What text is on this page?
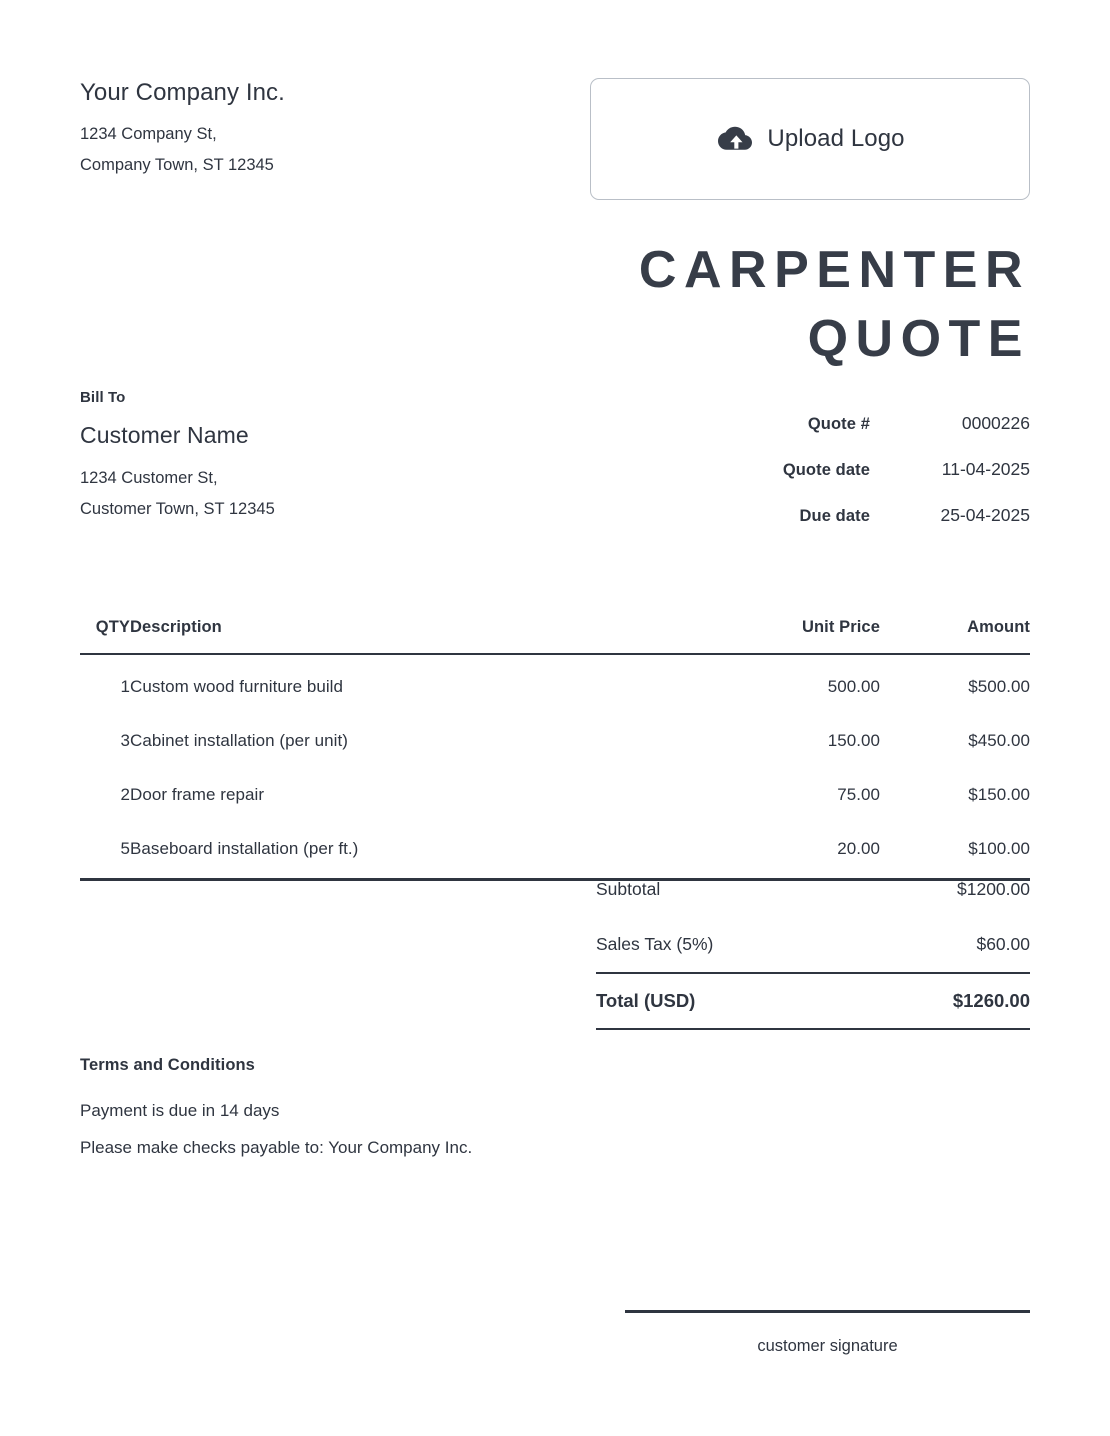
Your Company Inc.
1234 Company St,
Company Town, ST 12345
Upload Logo
CARPENTER
QUOTE
Bill To
Customer Name
1234 Customer St,
Customer Town, ST 12345
Quote #	0000226
Quote date	11-04-2025
Due date	25-04-2025
QTY	Description	Unit Price	Amount
1	Custom wood furniture build	500.00	$500.00
3	Cabinet installation (per unit)	150.00	$450.00
2	Door frame repair	75.00	$150.00
5	Baseboard installation (per ft.)	20.00	$100.00
Subtotal	$1200.00
Sales Tax (5%)	$60.00
Total (USD)	$1260.00
Terms and Conditions
Payment is due in 14 days
Please make checks payable to: Your Company Inc.
customer signature
